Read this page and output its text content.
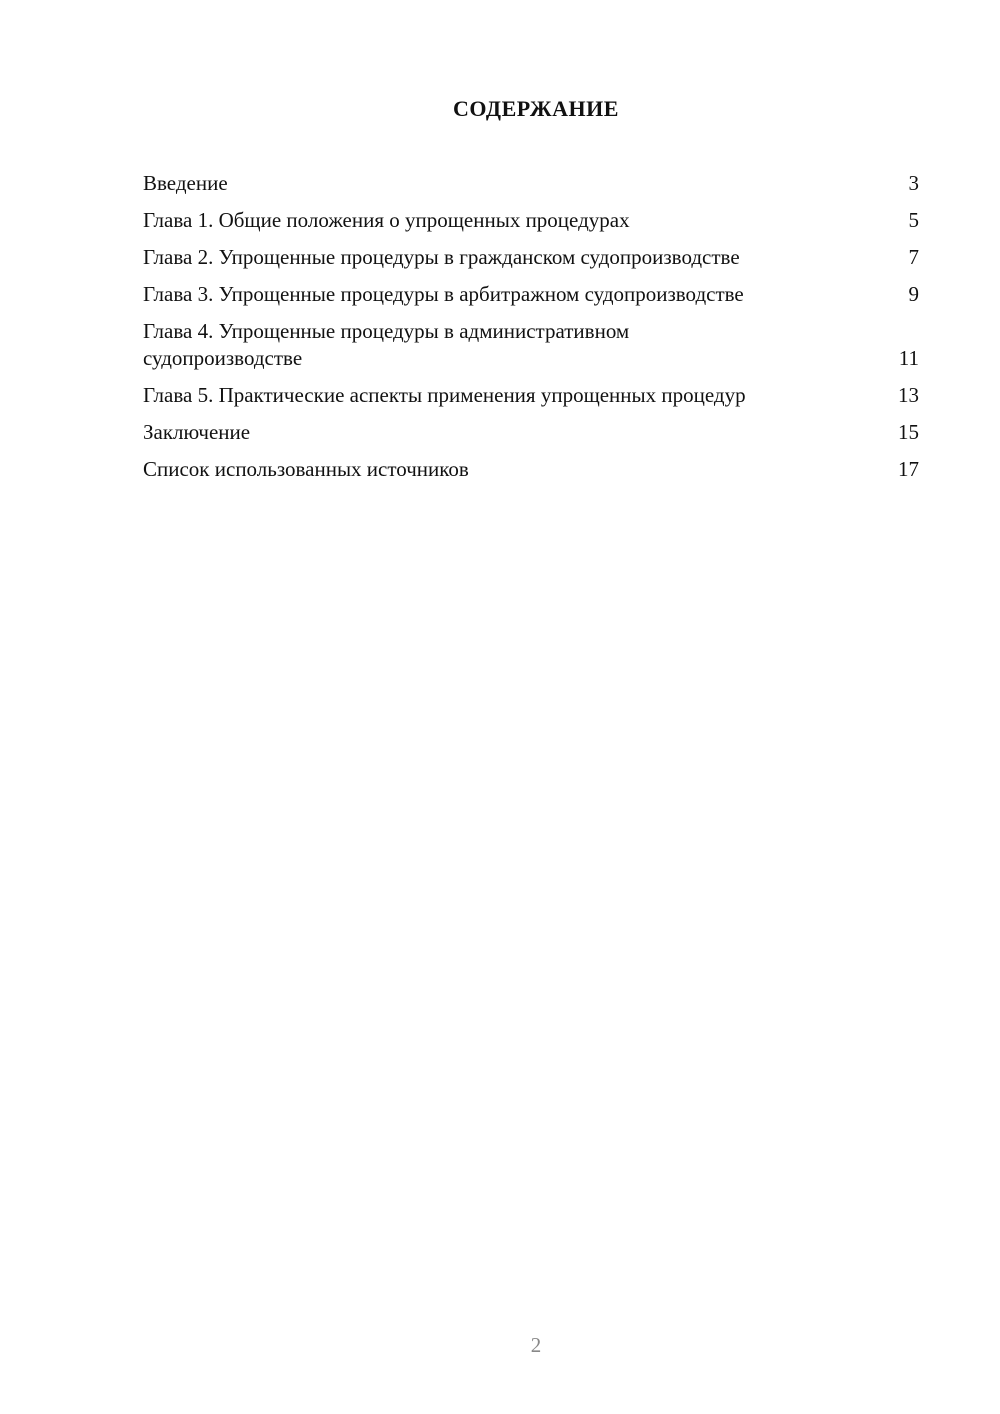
СОДЕРЖАНИЕ
Введение	3
Глава 1. Общие положения о упрощенных процедурах	5
Глава 2. Упрощенные процедуры в гражданском судопроизводстве	7
Глава 3. Упрощенные процедуры в арбитражном судопроизводстве	9
Глава 4. Упрощенные процедуры в административном судопроизводстве	11
Глава 5. Практические аспекты применения упрощенных процедур	13
Заключение	15
Список использованных источников	17
2
